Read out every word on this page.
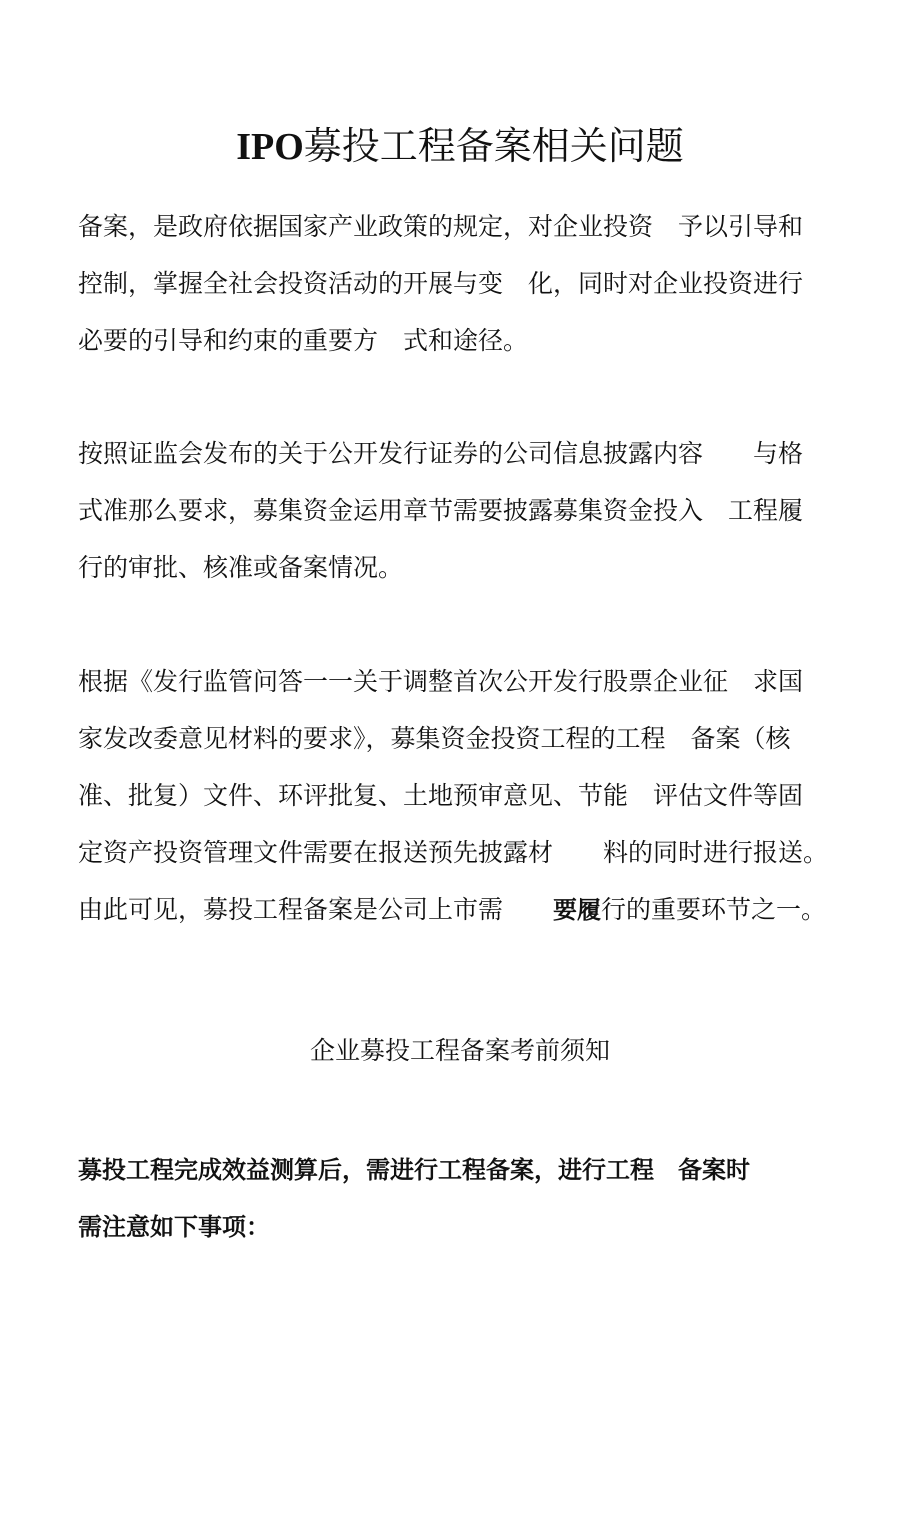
IPO募投工程备案相关问题
备案，是政府依据国家产业政策的规定，对企业投资　予以引导和
控制，掌握全社会投资活动的开展与变　化，同时对企业投资进行
必要的引导和约束的重要方　式和途径。
按照证监会发布的关于公开发行证券的公司信息披露内容　　与格
式准那么要求，募集资金运用章节需要披露募集资金投入　工程履
行的审批、核准或备案情况。
根据《发行监管问答一一关于调整首次公开发行股票企业征　求国
家发改委意见材料的要求》，募集资金投资工程的工程　备案（核
准、批复）文件、环评批复、土地预审意见、节能　评估文件等固
定资产投资管理文件需要在报送预先披露材　　料的同时进行报送。
由此可见，募投工程备案是公司上市需　　要履行的重要环节之一。
企业募投工程备案考前须知
募投工程完成效益测算后，需进行工程备案，进行工程　备案时
需注意如下事项：
